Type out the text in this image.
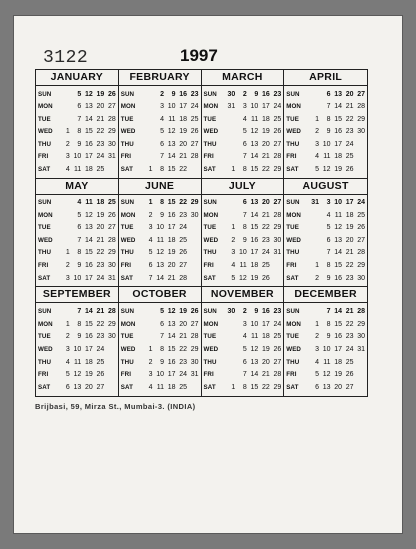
3122	1997
JANUARY
SUN	5 12 19 26
MON	6 13 20 27
TUE	7 14 21 28
WED	1	8 15 22 29
THU	2	9 16 23 30
FRI	3 10 17 24 31
SAT	4 11 18 25
FEBRUARY
SUN	2	9 16 23
MON	3 10 17 24
TUE	4 11 18 25
WED	5 12 19 26
THU	6 13 20 27
FRI	7 14 21 28
SAT	1	8 15 22
MARCH
SUN	30	2	9 16 23
MON	31	3 10 17 24
TUE	4 11 18 25
WED	5 12 19 26
THU	6 13 20 27
FRI	7 14 21 28
SAT	1	8 15 22 29
APRIL
SUN	6 13 20 27
MON	7 14 21 28
TUE	1	8 15 22 29
WED	2	9 16 23 30
THU	3 10 17 24
FRI	4 11 18 25
SAT	5 12 19 26
MAY
SUN	4 11 18 25
MON	5 12 19 26
TUE	6 13 20 27
WED	7 14 21 28
THU	1	8 15 22 29
FRI	2	9 16 23 30
SAT	3 10 17 24 31
JUNE
SUN	1	8 15 22 29
MON	2	9 16 23 30
TUE	3 10 17 24
WED	4 11 18 25
THU	5 12 19 26
FRI	6 13 20 27
SAT	7 14 21 28
JULY
SUN	6 13 20 27
MON	7 14 21 28
TUE	1	8 15 22 29
WED	2	9 16 23 30
THU	3 10 17 24 31
FRI	4 11 18 25
SAT	5 12 19 26
AUGUST
SUN	31	3 10 17 24
MON	4 11 18 25
TUE	5 12 19 26
WED	6 13 20 27
THU	7 14 21 28
FRI	1	8 15 22 29
SAT	2	9 16 23 30
SEPTEMBER
SUN	7 14 21 28
MON	1	8 15 22 29
TUE	2	9 16 23 30
WED	3 10 17 24
THU	4 11 18 25
FRI	5 12 19 26
SAT	6 13 20 27
OCTOBER
SUN	5 12 19 26
MON	6 13 20 27
TUE	7 14 21 28
WED	1	8 15 22 29
THU	2	9 16 23 30
FRI	3 10 17 24 31
SAT	4 11 18 25
NOVEMBER
SUN	30	2	9 16 23
MON	3 10 17 24
TUE	4 11 18 25
WED	5 12 19 26
THU	6 13 20 27
FRI	7 14 21 28
SAT	1	8 15 22 29
DECEMBER
SUN	7 14 21 28
MON	1	8 15 22 29
TUE	2	9 16 23 30
WED	3 10 17 24 31
THU	4 11 18 25
FRI	5 12 19 26
SAT	6 13 20 27
Brijbasi, 59, Mirza St., Mumbai-3. (INDIA)
